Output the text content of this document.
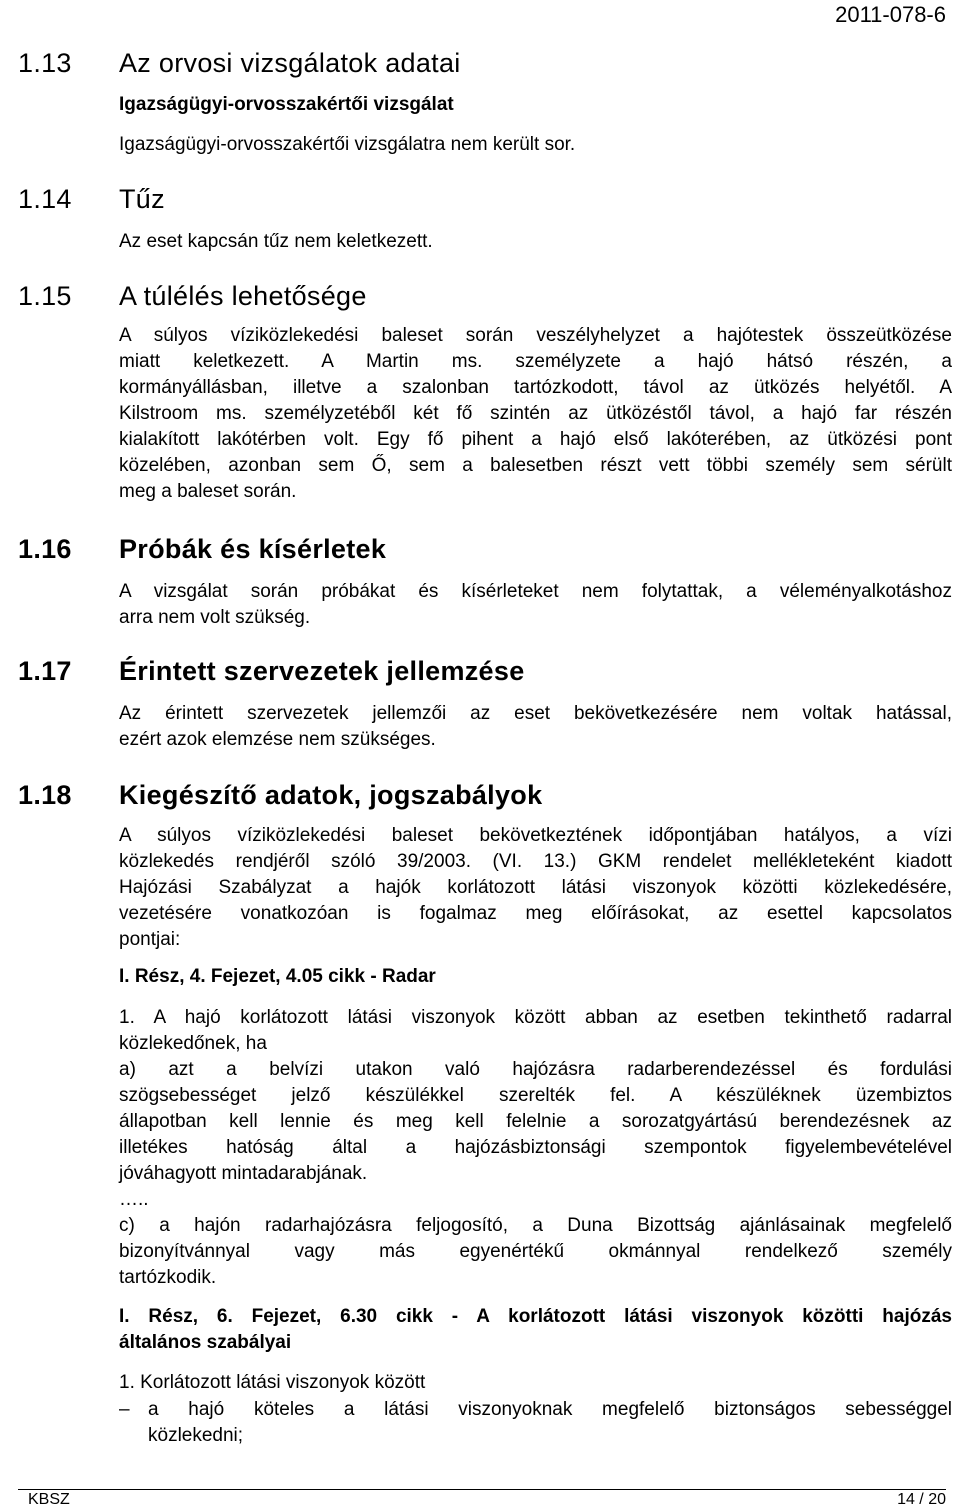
2011-078-6
1.13 Az orvosi vizsgálatok adatai

Igazságügyi-orvosszakértői vizsgálat

Igazságügyi-orvosszakértői vizsgálatra nem került sor.

1.14 Tűz

Az eset kapcsán tűz nem keletkezett.

1.15 A túlélés lehetősége
A súlyos víziközlekedési baleset során veszélyhelyzet a hajótestek összeütközése
miatt keletkezett. A Martin ms. személyzete a hajó hátsó részén, a
kormányállásban, illetve a szalonban tartózkodott, távol az ütközés helyétől. A
Kilstroom ms. személyzetéből két fő szintén az ütközéstől távol, a hajó far részén
kialakított lakótérben volt. Egy fő pihent a hajó első lakóterében, az ütközési pont
közelében, azonban sem Ő, sem a balesetben részt vett többi személy sem sérült
meg a baleset során.
1.16 Próbák és kísérletek
A vizsgálat során próbákat és kísérleteket nem folytattak, a véleményalkotáshoz
arra nem volt szükség.
1.17 Érintett szervezetek jellemzése
Az érintett szervezetek jellemzői az eset bekövetkezésére nem voltak hatással,
ezért azok elemzése nem szükséges.
1.18 Kiegészítő adatok, jogszabályok
A súlyos víziközlekedési baleset bekövetkeztének időpontjában hatályos, a vízi
közlekedés rendjéről szóló 39/2003. (VI. 13.) GKM rendelet mellékleteként kiadott
Hajózási Szabályzat a hajók korlátozott látási viszonyok közötti közlekedésére,
vezetésére vonatkozóan is fogalmaz meg előírásokat, az esettel kapcsolatos
pontjai:
I. Rész, 4. Fejezet, 4.05 cikk - Radar
1. A hajó korlátozott látási viszonyok között abban az esetben tekinthető radarral
közlekedőnek, ha
a) azt a belvízi utakon való hajózásra radarberendezéssel és fordulási
szögsebességet jelző készülékkel szerelték fel. A készüléknek üzembiztos
állapotban kell lennie és meg kell felelnie a sorozatgyártású berendezésnek az
illetékes hatóság által a hajózásbiztonsági szempontok figyelembevételével
jóváhagyott mintadarabjának.
…..
c) a hajón radarhajózásra feljogosító, a Duna Bizottság ajánlásainak megfelelő
bizonyítvánnyal vagy más egyenértékű okmánnyal rendelkező személy
tartózkodik.
I. Rész, 6. Fejezet, 6.30 cikk - A korlátozott látási viszonyok közötti hajózás
általános szabályai
1. Korlátozott látási viszonyok között
– a hajó köteles a látási viszonyoknak megfelelő biztonságos sebességgel
közlekedni;
KBSZ	14 / 20
